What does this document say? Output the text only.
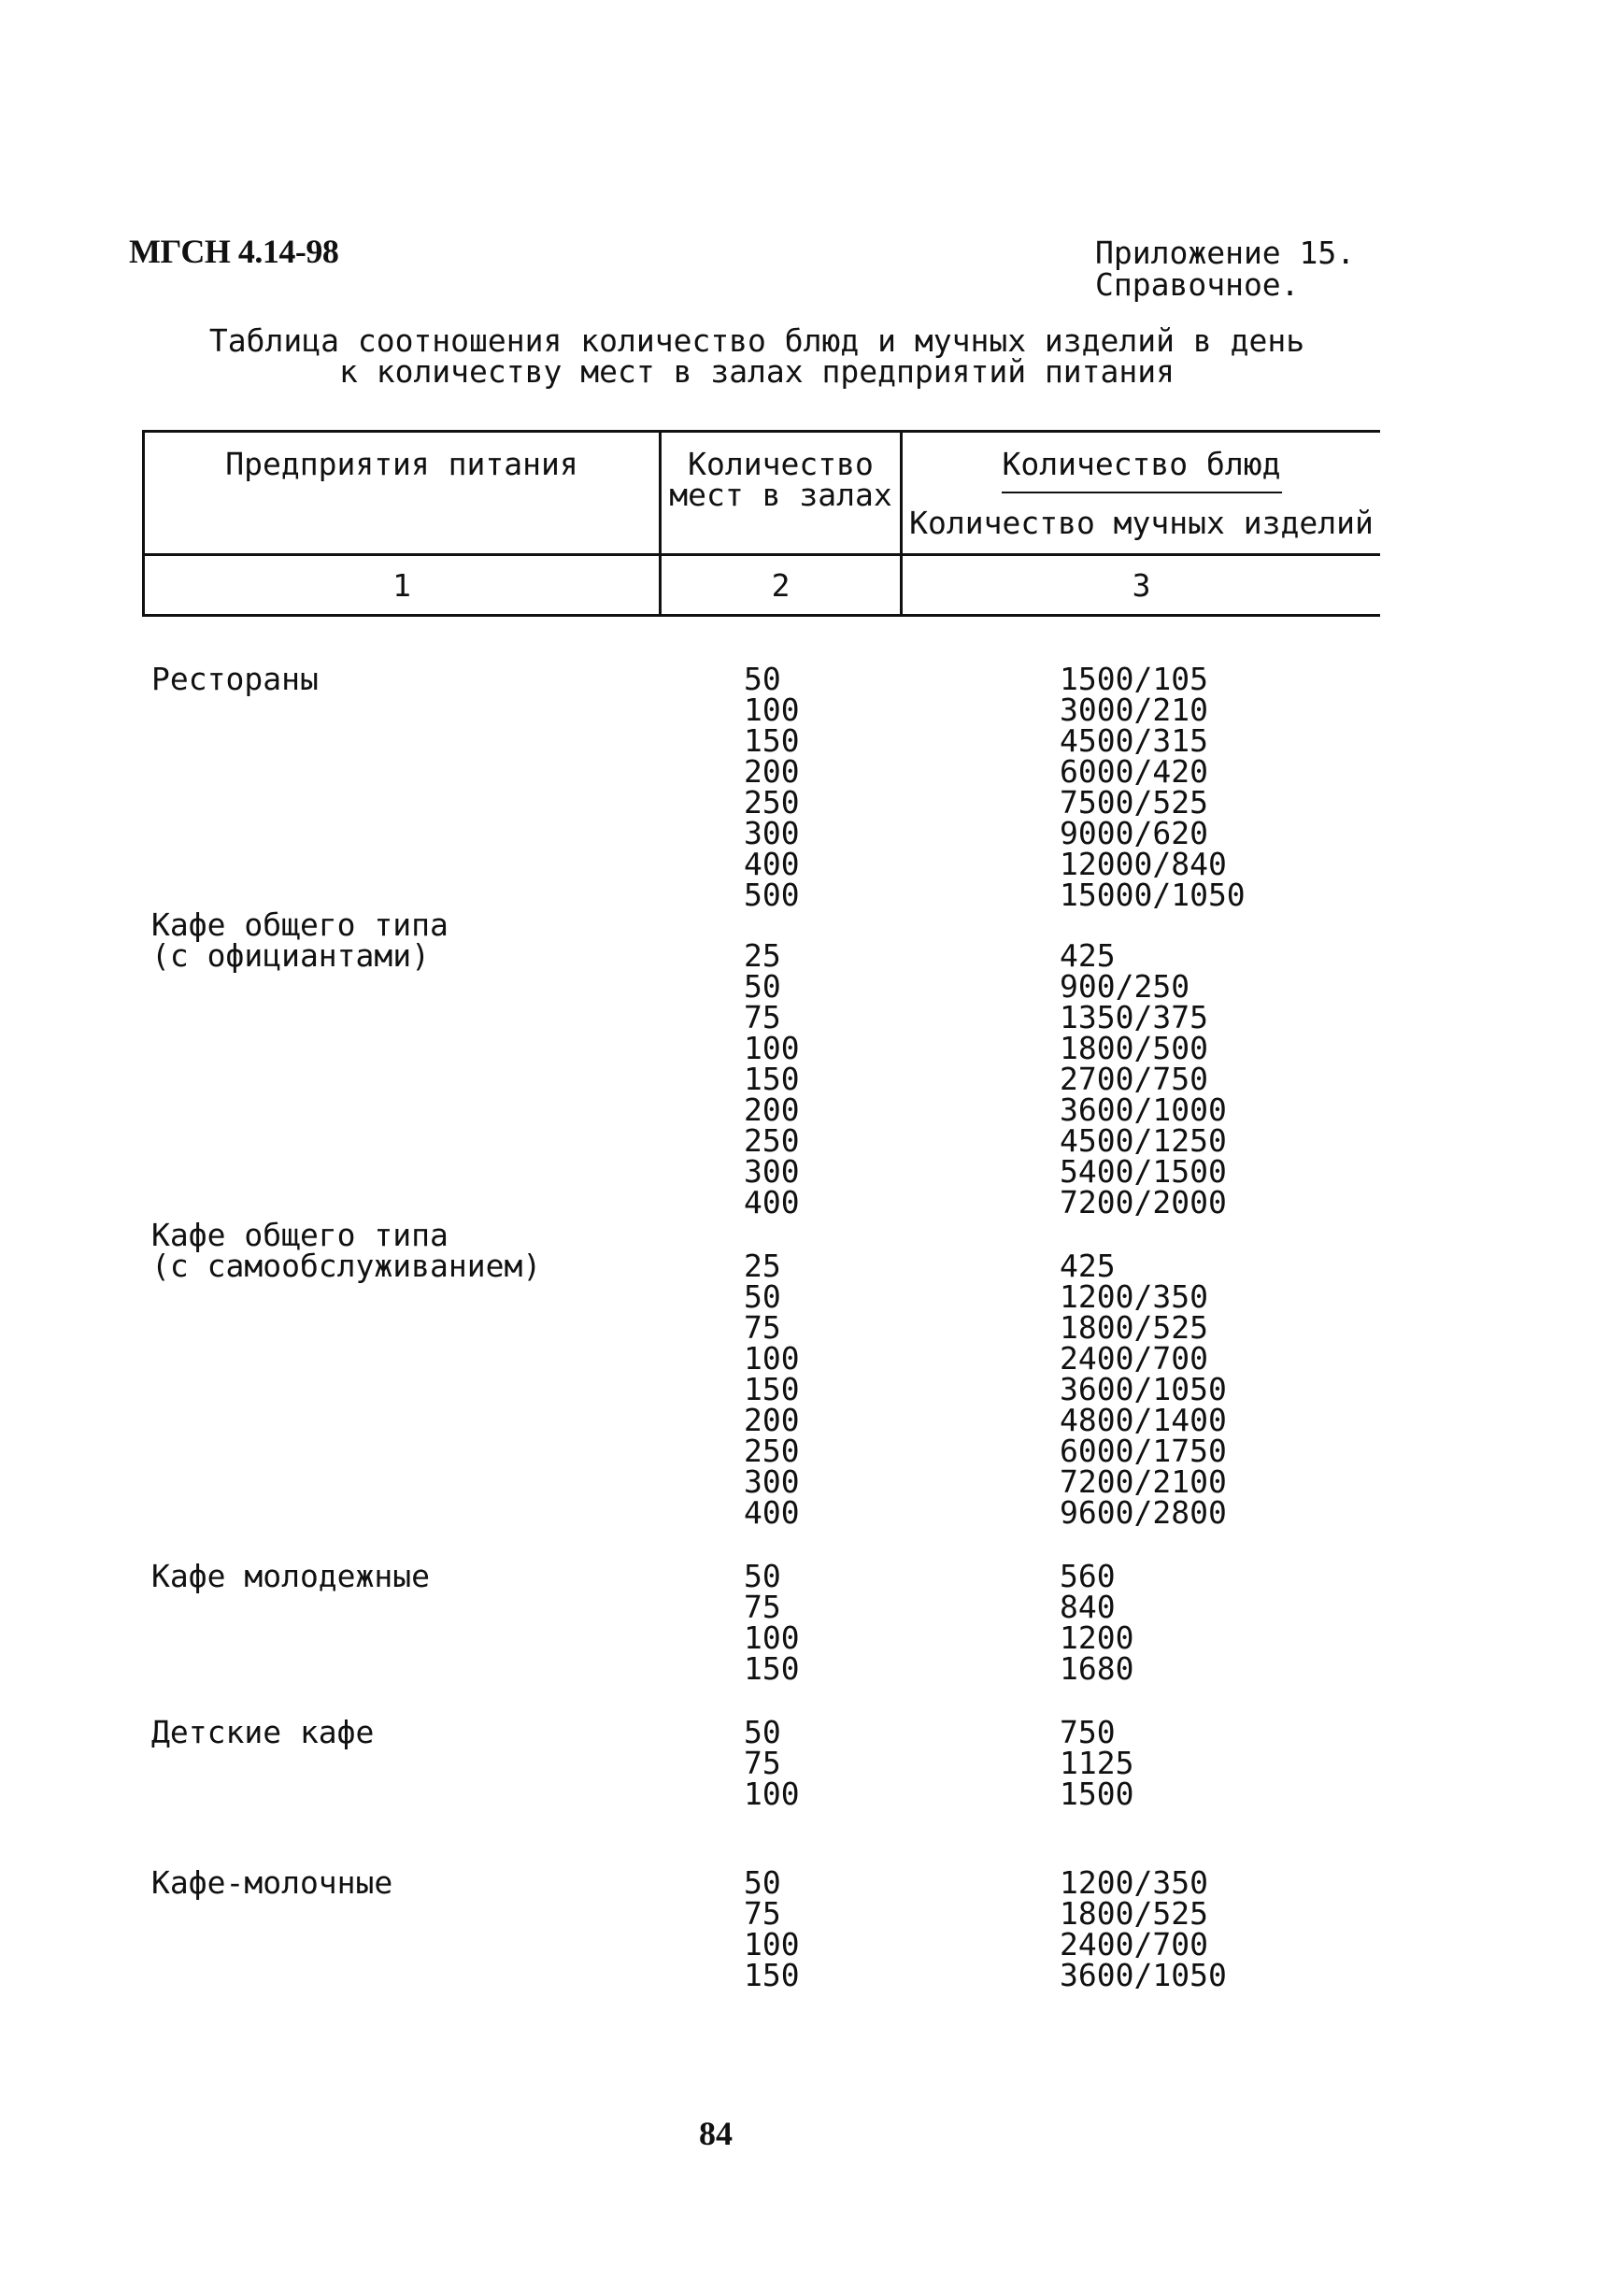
МГСН 4.14-98	Приложение 15.
Справочное.
Таблица соотношения количество блюд и мучных изделий в день
к количеству мест в залах предприятий питания
Предприятия питания	Количество
мест в залах
Количество блюд
Количество мучных изделий
1	2	3
Рестораны	50	1500/105
100	3000/210
150	4500/315
200	6000/420
250	7500/525
300	9000/620
400	12000/840
500	15000/1050
Кафе общего типа
(с официантами)	25	425
50	900/250
75	1350/375
100	1800/500
150	2700/750
200	3600/1000
250	4500/1250
300	5400/1500
400	7200/2000
Кафе общего типа
(с самообслуживанием)	25	425
50	1200/350
75	1800/525
100	2400/700
150	3600/1050
200	4800/1400
250	6000/1750
300	7200/2100
400	9600/2800
Кафе молодежные	50	560
75	840
100	1200
150	1680
Детские кафе	50	750
75	1125
100	1500
Кафе-молочные	50	1200/350
75	1800/525
100	2400/700
150	3600/1050
84
